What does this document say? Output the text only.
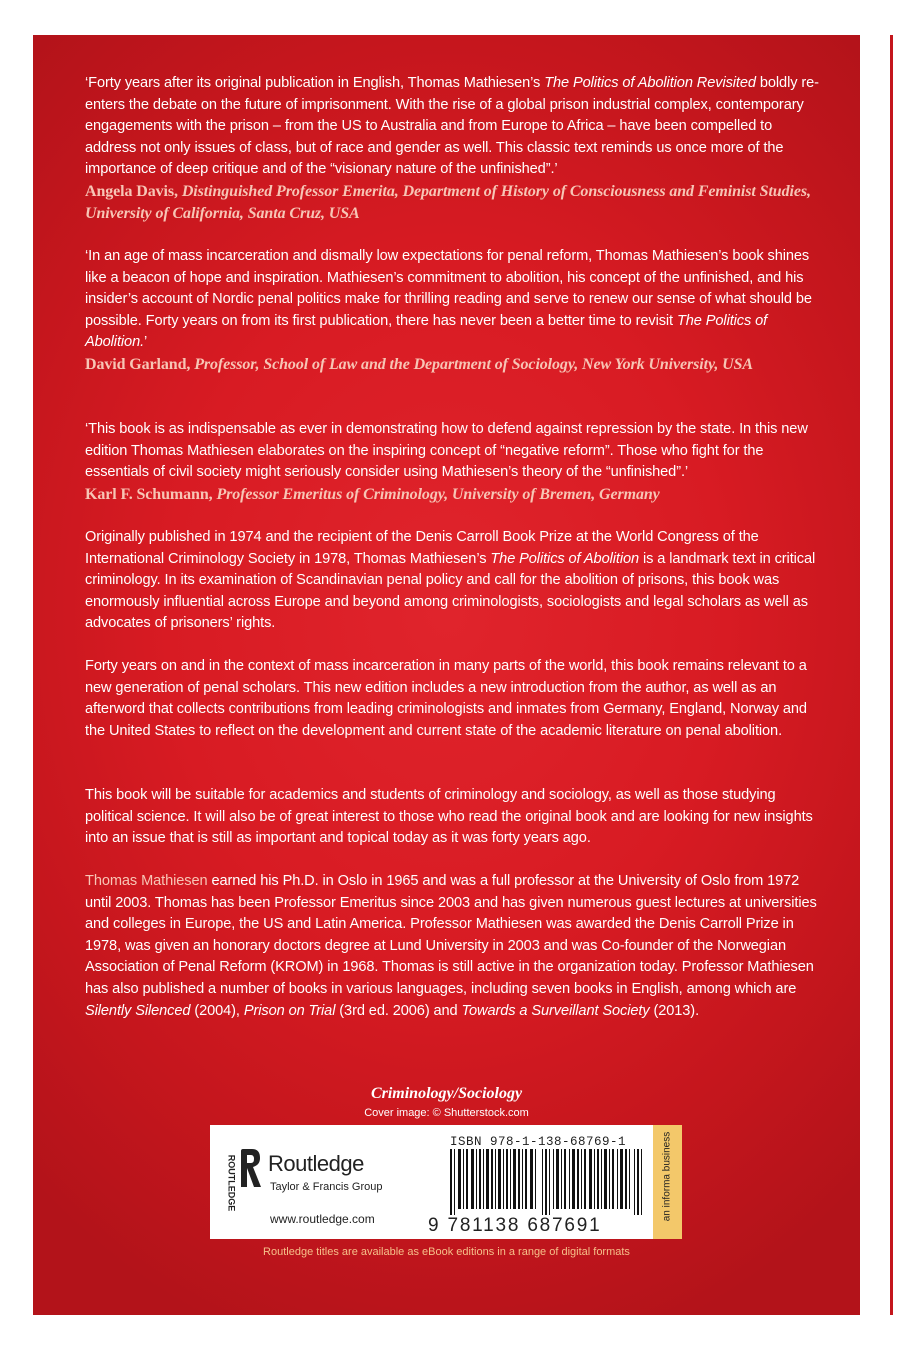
‘Forty years after its original publication in English, Thomas Mathiesen’s The Politics of Abolition Revisited boldly re-enters the debate on the future of imprisonment. With the rise of a global prison industrial complex, contemporary engagements with the prison – from the US to Australia and from Europe to Africa – have been compelled to address not only issues of class, but of race and gender as well. This classic text reminds us once more of the importance of deep critique and of the “visionary nature of the unfinished”.’

Angela Davis, Distinguished Professor Emerita, Department of History of Consciousness and Feminist Studies, University of California, Santa Cruz, USA

‘In an age of mass incarceration and dismally low expectations for penal reform, Thomas Mathiesen’s book shines like a beacon of hope and inspiration. Mathiesen’s commitment to abolition, his concept of the unfinished, and his insider’s account of Nordic penal politics make for thrilling reading and serve to renew our sense of what should be possible. Forty years on from its first publication, there has never been a better time to revisit The Politics of Abolition.’

David Garland, Professor, School of Law and the Department of Sociology, New York University, USA

‘This book is as indispensable as ever in demonstrating how to defend against repression by the state. In this new edition Thomas Mathiesen elaborates on the inspiring concept of “negative reform”. Those who fight for the essentials of civil society might seriously consider using Mathiesen’s theory of the “unfinished”.’

Karl F. Schumann, Professor Emeritus of Criminology, University of Bremen, Germany

Originally published in 1974 and the recipient of the Denis Carroll Book Prize at the World Congress of the International Criminology Society in 1978, Thomas Mathiesen’s The Politics of Abolition is a landmark text in critical criminology. In its examination of Scandinavian penal policy and call for the abolition of prisons, this book was enormously influential across Europe and beyond among criminologists, sociologists and legal scholars as well as advocates of prisoners’ rights.

Forty years on and in the context of mass incarceration in many parts of the world, this book remains relevant to a new generation of penal scholars. This new edition includes a new introduction from the author, as well as an afterword that collects contributions from leading criminologists and inmates from Germany, England, Norway and the United States to reflect on the development and current state of the academic literature on penal abolition.

This book will be suitable for academics and students of criminology and sociology, as well as those studying political science. It will also be of great interest to those who read the original book and are looking for new insights into an issue that is still as important and topical today as it was forty years ago.

Thomas Mathiesen earned his Ph.D. in Oslo in 1965 and was a full professor at the University of Oslo from 1972 until 2003. Thomas has been Professor Emeritus since 2003 and has given numerous guest lectures at universities and colleges in Europe, the US and Latin America. Professor Mathiesen was awarded the Denis Carroll Prize in 1978, was given an honorary doctors degree at Lund University in 2003 and was Co-founder of the Norwegian Association of Penal Reform (KROM) in 1968. Thomas is still active in the organization today. Professor Mathiesen has also published a number of books in various languages, including seven books in English, among which are Silently Silenced (2004), Prison on Trial (3rd ed. 2006) and Towards a Surveillant Society (2013).

Criminology/Sociology
Cover image: © Shutterstock.com
ROUTLEDGE Routledge
Taylor & Francis Group
www.routledge.com
ISBN 978-1-138-68769-1
9 781138 687691
an informa business
Routledge titles are available as eBook editions in a range of digital formats
